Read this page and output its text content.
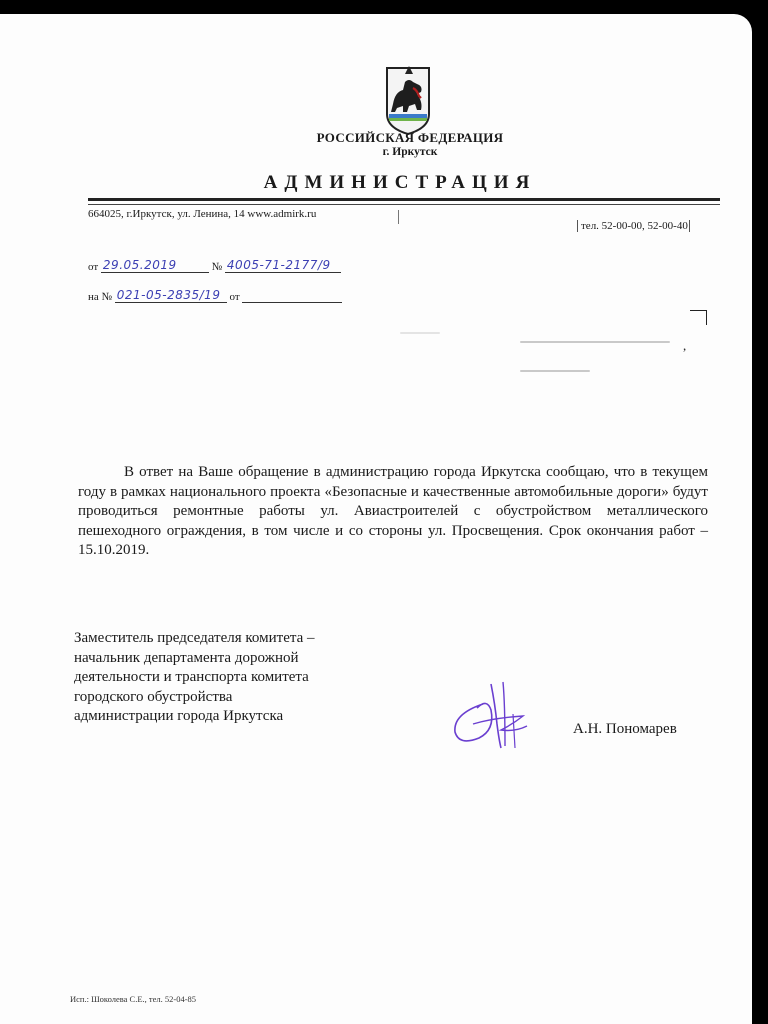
РОССИЙСКАЯ ФЕДЕРАЦИЯ
г. Иркутск
АДМИНИСТРАЦИЯ
664025, г.Иркутск, ул. Ленина, 14 www.admirk.ru
тел. 52-00-00, 52-00-40
от 29.05.2019	№ 4005-71-2177/9
на № 021-05-2835/19 от
,

В ответ на Ваше обращение в администрацию города Иркутска сообщаю, что в текущем году в рамках национального проекта «Безопасные и качественные автомобильные дороги» будут проводиться ремонтные работы ул. Авиастроителей с обустройством металлического пешеходного ограждения, в том числе и со стороны ул. Просвещения. Срок окончания работ – 15.10.2019.

Заместитель председателя комитета –
начальник департамента дорожной
деятельности и транспорта комитета
городского обустройства
администрации города Иркутска
А.Н. Пономарев
Исп.: Шоколева С.Е., тел. 52-04-85
